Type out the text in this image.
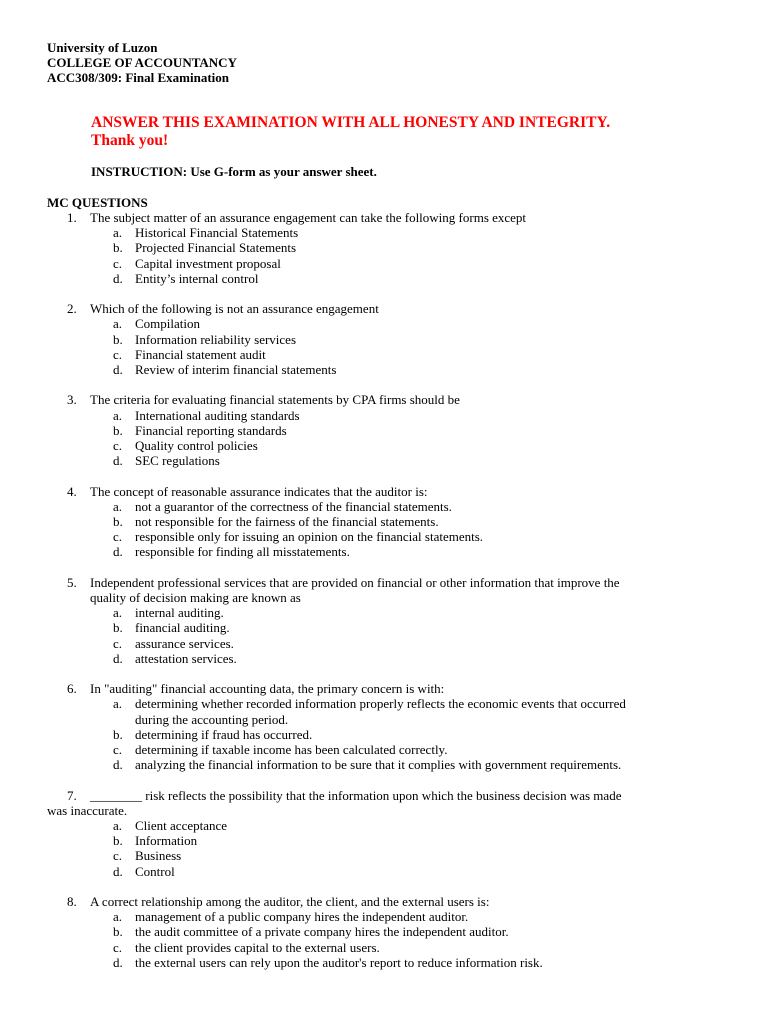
University of Luzon
COLLEGE OF ACCOUNTANCY
ACC308/309: Final Examination
ANSWER THIS EXAMINATION WITH ALL HONESTY AND INTEGRITY.
Thank you!
INSTRUCTION: Use G-form as your answer sheet.
MC QUESTIONS
1. The subject matter of an assurance engagement can take the following forms except
a. Historical Financial Statements
b. Projected Financial Statements
c. Capital investment proposal
d. Entity’s internal control
2. Which of the following is not an assurance engagement
a. Compilation
b. Information reliability services
c. Financial statement audit
d. Review of interim financial statements
3. The criteria for evaluating financial statements by CPA firms should be
a. International auditing standards
b. Financial reporting standards
c. Quality control policies
d. SEC regulations
4. The concept of reasonable assurance indicates that the auditor is:
a. not a guarantor of the correctness of the financial statements.
b. not responsible for the fairness of the financial statements.
c. responsible only for issuing an opinion on the financial statements.
d. responsible for finding all misstatements.
5. Independent professional services that are provided on financial or other information that improve the
quality of decision making are known as
a. internal auditing.
b. financial auditing.
c. assurance services.
d. attestation services.
6. In "auditing" financial accounting data, the primary concern is with:
a. determining whether recorded information properly reflects the economic events that occurred
during the accounting period.
b. determining if fraud has occurred.
c. determining if taxable income has been calculated correctly.
d. analyzing the financial information to be sure that it complies with government requirements.
7. ________ risk reflects the possibility that the information upon which the business decision was made
was inaccurate.
a. Client acceptance
b. Information
c. Business
d. Control
8. A correct relationship among the auditor, the client, and the external users is:
a. management of a public company hires the independent auditor.
b. the audit committee of a private company hires the independent auditor.
c. the client provides capital to the external users.
d. the external users can rely upon the auditor's report to reduce information risk.
